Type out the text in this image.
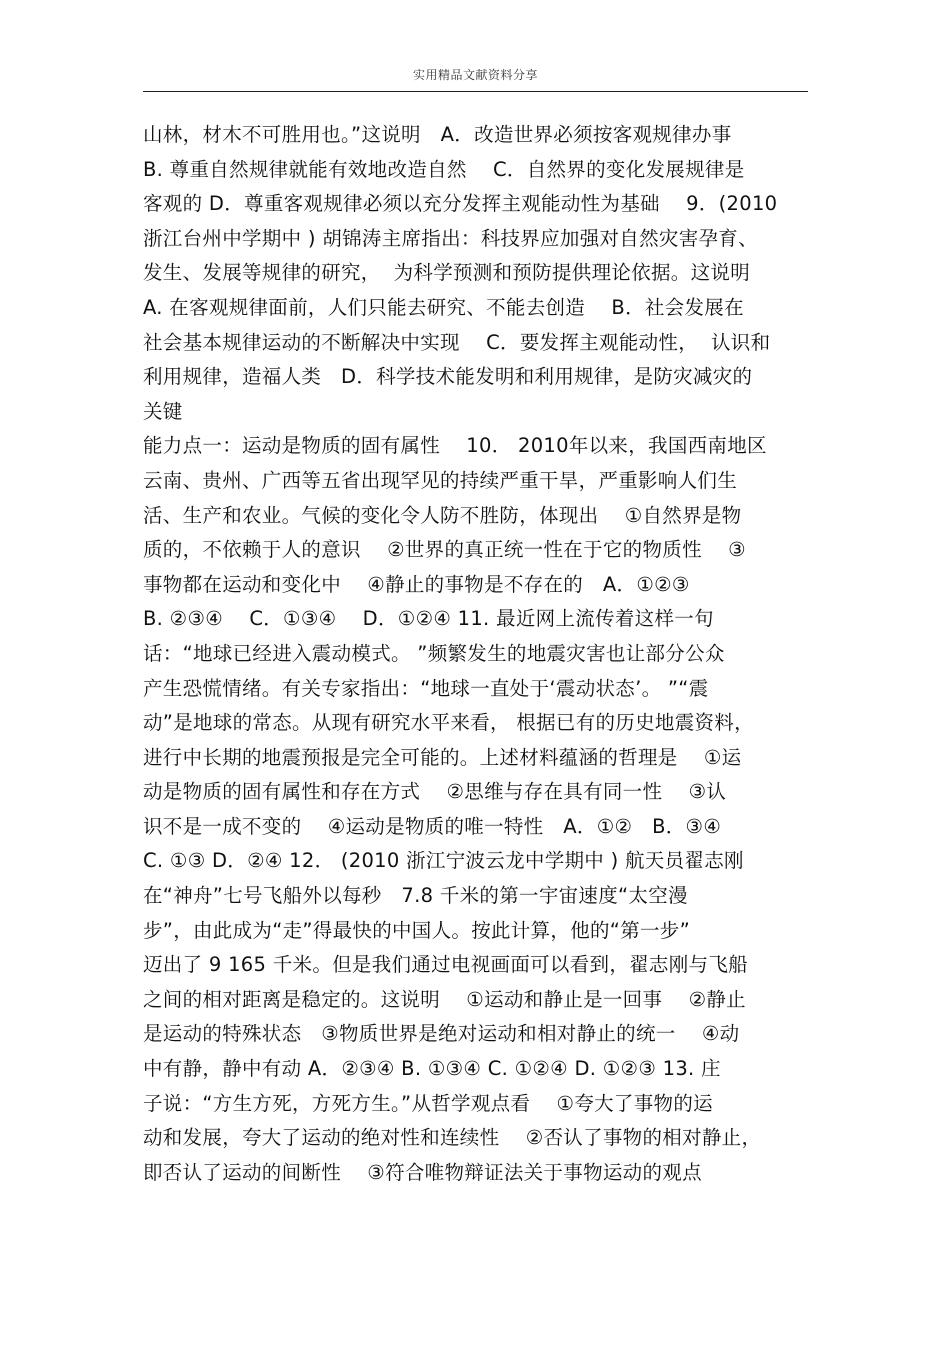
实用精品文献资料分享
山林，材木不可胜用也。”这说明　A．改造世界必须按客观规律办事
B. 尊重自然规律就能有效地改造自然　 C．自然界的变化发展规律是
客观的 D．尊重客观规律必须以充分发挥主观能动性为基础　 9．(2010
浙江台州中学期中 ) 胡锦涛主席指出：科技界应加强对自然灾害孕育、
发生、发展等规律的研究，  为科学预测和预防提供理论依据。这说明
A. 在客观规律面前，人们只能去研究、不能去创造　 B．社会发展在
社会基本规律运动的不断解决中实现　 C．要发挥主观能动性，  认识和
利用规律，造福人类　D．科学技术能发明和利用规律，是防灾减灾的
关键
能力点一：运动是物质的固有属性　 10． 2010年以来，我国西南地区
云南、贵州、广西等五省出现罕见的持续严重干旱，严重影响人们生
活、生产和农业。气候的变化令人防不胜防，体现出　 ①自然界是物
质的，不依赖于人的意识　 ②世界的真正统一性在于它的物质性　 ③
事物都在运动和变化中　 ④静止的事物是不存在的　A．①②③
B. ②③④　 C．①③④　 D．①②④ 11. 最近网上流传着这样一句
话：“地球已经进入震动模式。 ”频繁发生的地震灾害也让部分公众
产生恐慌情绪。有关专家指出：“地球一直处于‘震动状态’。 ”“震
动”是地球的常态。从现有研究水平来看， 根据已有的历史地震资料，
进行中长期的地震预报是完全可能的。上述材料蕴涵的哲理是　 ①运
动是物质的固有属性和存在方式　 ②思维与存在具有同一性　 ③认
识不是一成不变的　 ④运动是物质的唯一特性　A．①②　B．③④
C. ①③ D．②④ 12． (2010 浙江宁波云龙中学期中 ) 航天员翟志刚
在“神舟”七号飞船外以每秒　7.8 千米的第一宇宙速度“太空漫
步”，由此成为“走”得最快的中国人。按此计算，他的“第一步”
迈出了 9 165 千米。但是我们通过电视画面可以看到，翟志刚与飞船
之间的相对距离是稳定的。这说明　 ①运动和静止是一回事　 ②静止
是运动的特殊状态　③物质世界是绝对运动和相对静止的统一　 ④动
中有静，静中有动 A．②③④ B. ①③④ C. ①②④ D. ①②③ 13. 庄
子说：“方生方死，方死方生。”从哲学观点看　 ①夸大了事物的运
动和发展，夸大了运动的绝对性和连续性　 ②否认了事物的相对静止，
即否认了运动的间断性　 ③符合唯物辩证法关于事物运动的观点
